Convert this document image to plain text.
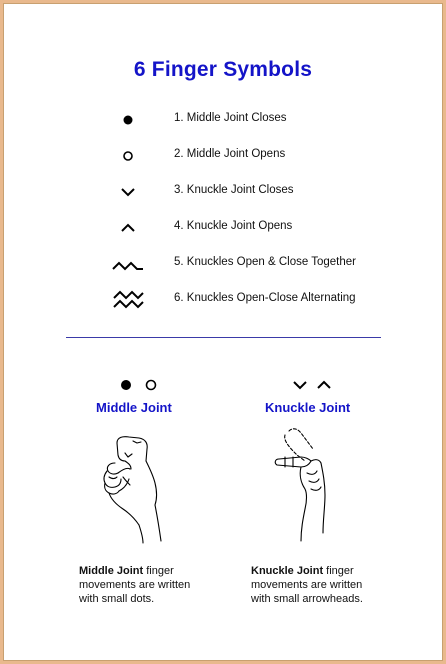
6 Finger Symbols
1. Middle Joint Closes
2. Middle Joint Opens
3. Knuckle Joint Closes
4. Knuckle Joint Opens
5. Knuckles Open & Close Together
6. Knuckles Open-Close Alternating
Middle Joint
Middle Joint finger
movements are written
with small dots.
Knuckle Joint
Knuckle Joint finger
movements are written
with small arrowheads.
